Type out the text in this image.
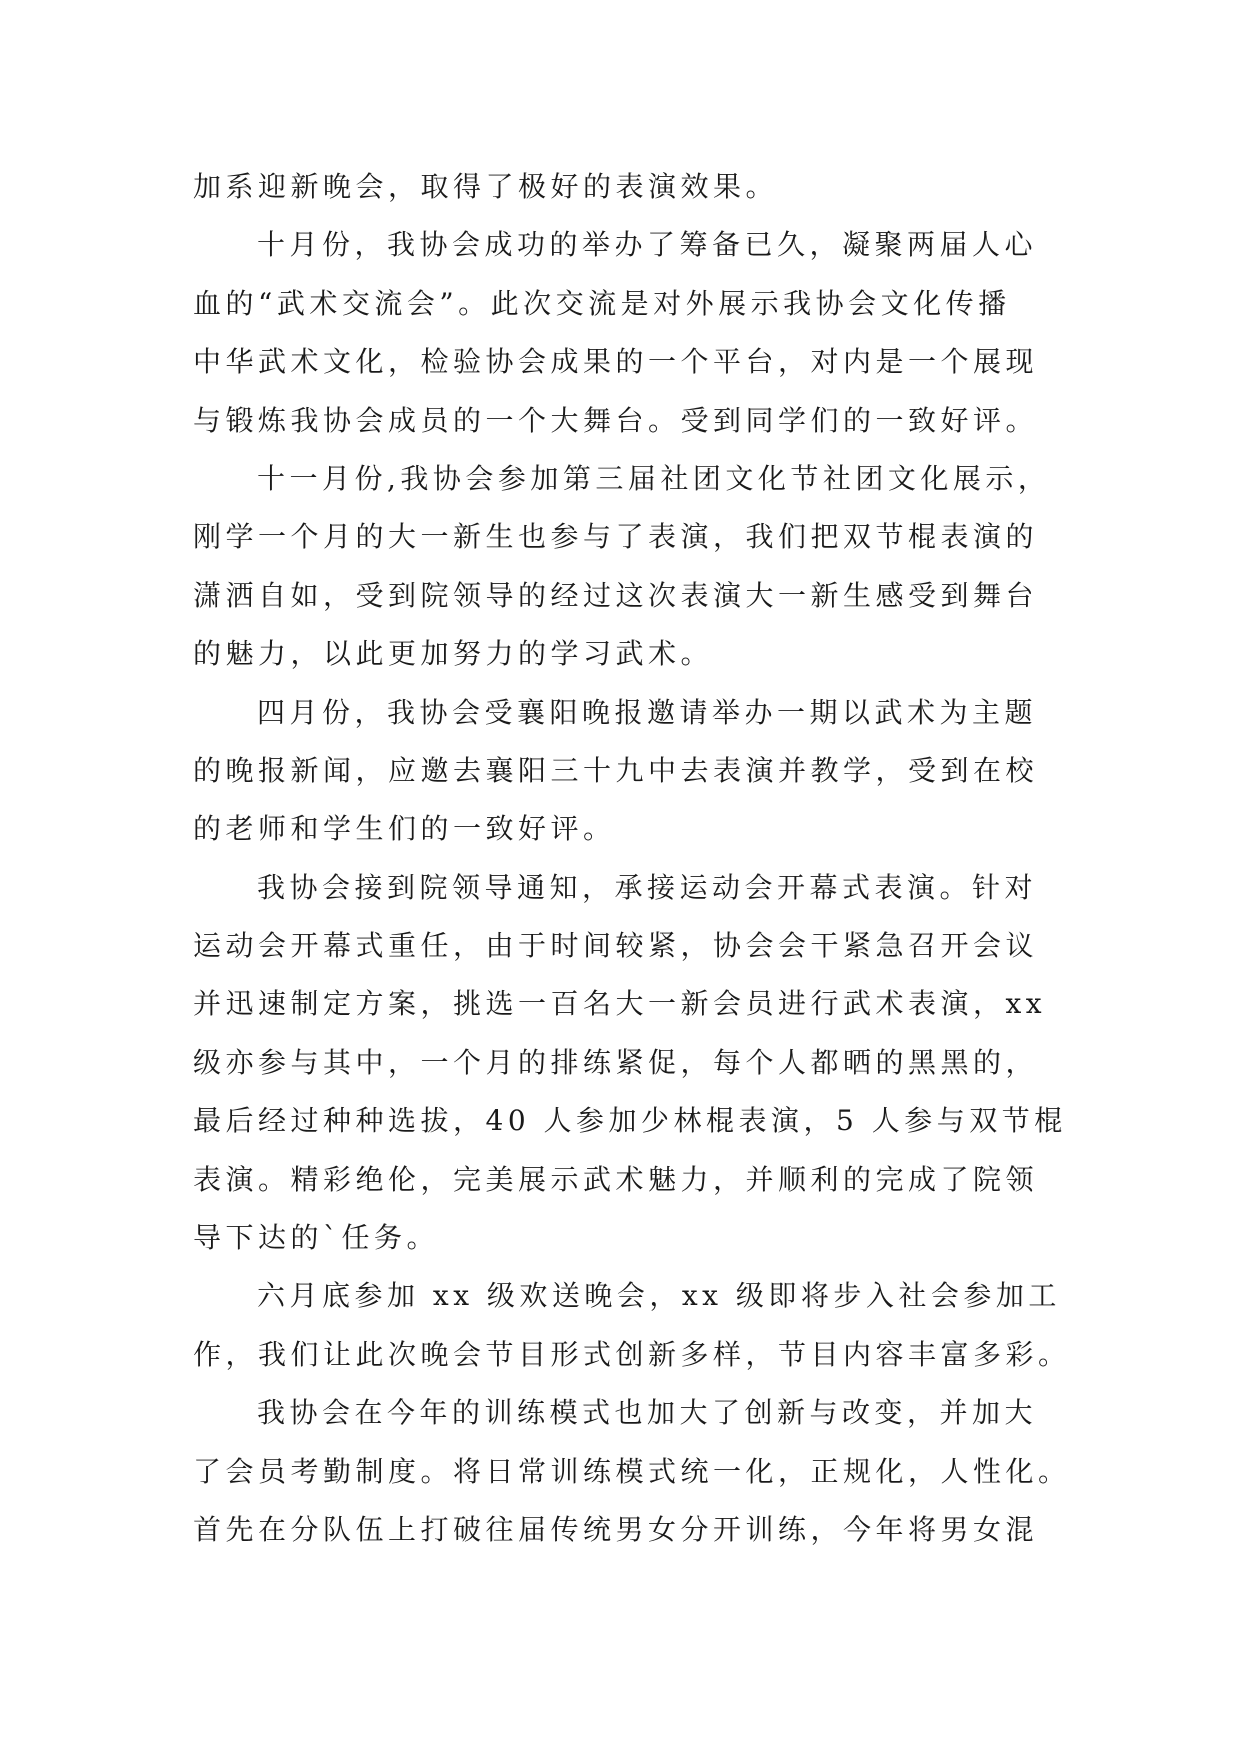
加系迎新晚会，取得了极好的表演效果。
十月份，我协会成功的举办了筹备已久，凝聚两届人心
血的“武术交流会”。此次交流是对外展示我协会文化传播
中华武术文化，检验协会成果的一个平台，对内是一个展现
与锻炼我协会成员的一个大舞台。受到同学们的一致好评。
十一月份,我协会参加第三届社团文化节社团文化展示，
刚学一个月的大一新生也参与了表演，我们把双节棍表演的
潇洒自如，受到院领导的经过这次表演大一新生感受到舞台
的魅力，以此更加努力的学习武术。
四月份，我协会受襄阳晚报邀请举办一期以武术为主题
的晚报新闻，应邀去襄阳三十九中去表演并教学，受到在校
的老师和学生们的一致好评。
我协会接到院领导通知，承接运动会开幕式表演。针对
运动会开幕式重任，由于时间较紧，协会会干紧急召开会议
并迅速制定方案，挑选一百名大一新会员进行武术表演，xx
级亦参与其中，一个月的排练紧促，每个人都晒的黑黑的，
最后经过种种选拔，40 人参加少林棍表演，5 人参与双节棍
表演。精彩绝伦，完美展示武术魅力，并顺利的完成了院领
导下达的`任务。
六月底参加 xx 级欢送晚会，xx 级即将步入社会参加工
作，我们让此次晚会节目形式创新多样，节目内容丰富多彩。
我协会在今年的训练模式也加大了创新与改变，并加大
了会员考勤制度。将日常训练模式统一化，正规化，人性化。
首先在分队伍上打破往届传统男女分开训练，今年将男女混
